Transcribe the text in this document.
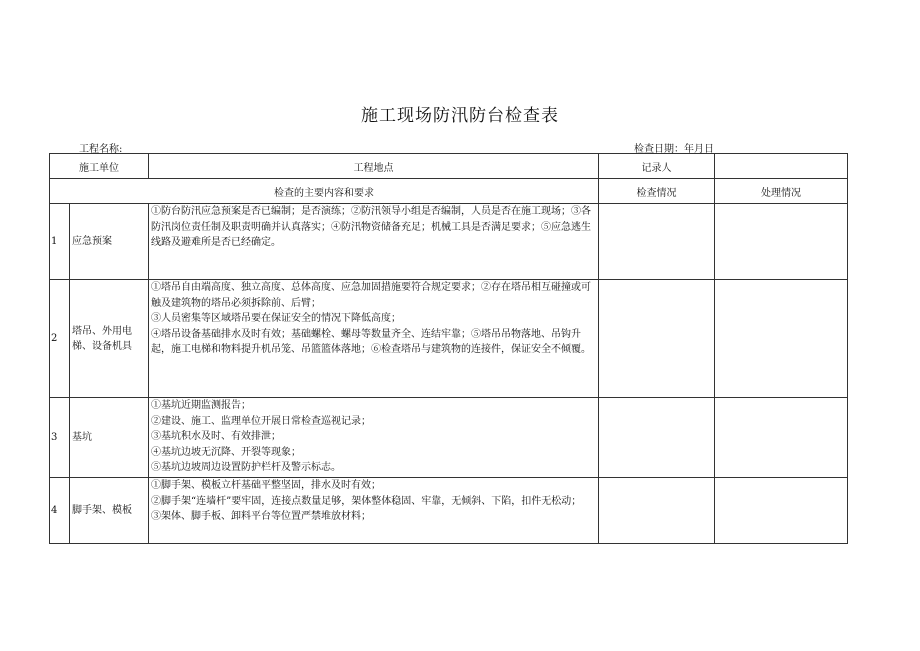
施工现场防汛防台检查表
工程名称:	检查日期：年月日
施工单位		工程地点	记录人	
检查的主要内容和要求			检查情况	处理情况
1	应急预案	①防台防汛应急预案是否已编制；是否演练；②防汛领导小组是否编制，人员是否在施工现场；③各防汛岗位责任制及职责明确并认真落实；④防汛物资储备充足；机械工具是否满足要求；⑤应急逃生线路及避难所是否已经确定。		

2	塔吊、外用电梯、设备机具	①塔吊自由端高度、独立高度、总体高度、应急加固措施要符合规定要求；②存在塔吊相互碰撞或可触及建筑物的塔吊必须拆除前、后臂；
③人员密集等区域塔吊要在保证安全的情况下降低高度；
④塔吊设备基础排水及时有效；基础螺栓、螺母等数量齐全、连结牢靠；⑤塔吊吊物落地、吊钩升起，施工电梯和物料提升机吊笼、吊篮篮体落地；⑥检查塔吊与建筑物的连接件，保证安全不倾覆。		

3	基坑	①基坑近期监测报告；
②建设、施工、监理单位开展日常检查巡视记录；
③基坑积水及时、有效排泄；
④基坑边坡无沉降、开裂等现象；
⑤基坑边坡周边设置防护栏杆及警示标志。		

4	脚手架、模板	①脚手架、模板立杆基础平整坚固，排水及时有效；
②脚手架“连墙杆”要牢固，连接点数量足够，架体整体稳固、牢靠，无倾斜、下陷，扣件无松动；
③架体、脚手板、卸料平台等位置严禁堆放材料；		
